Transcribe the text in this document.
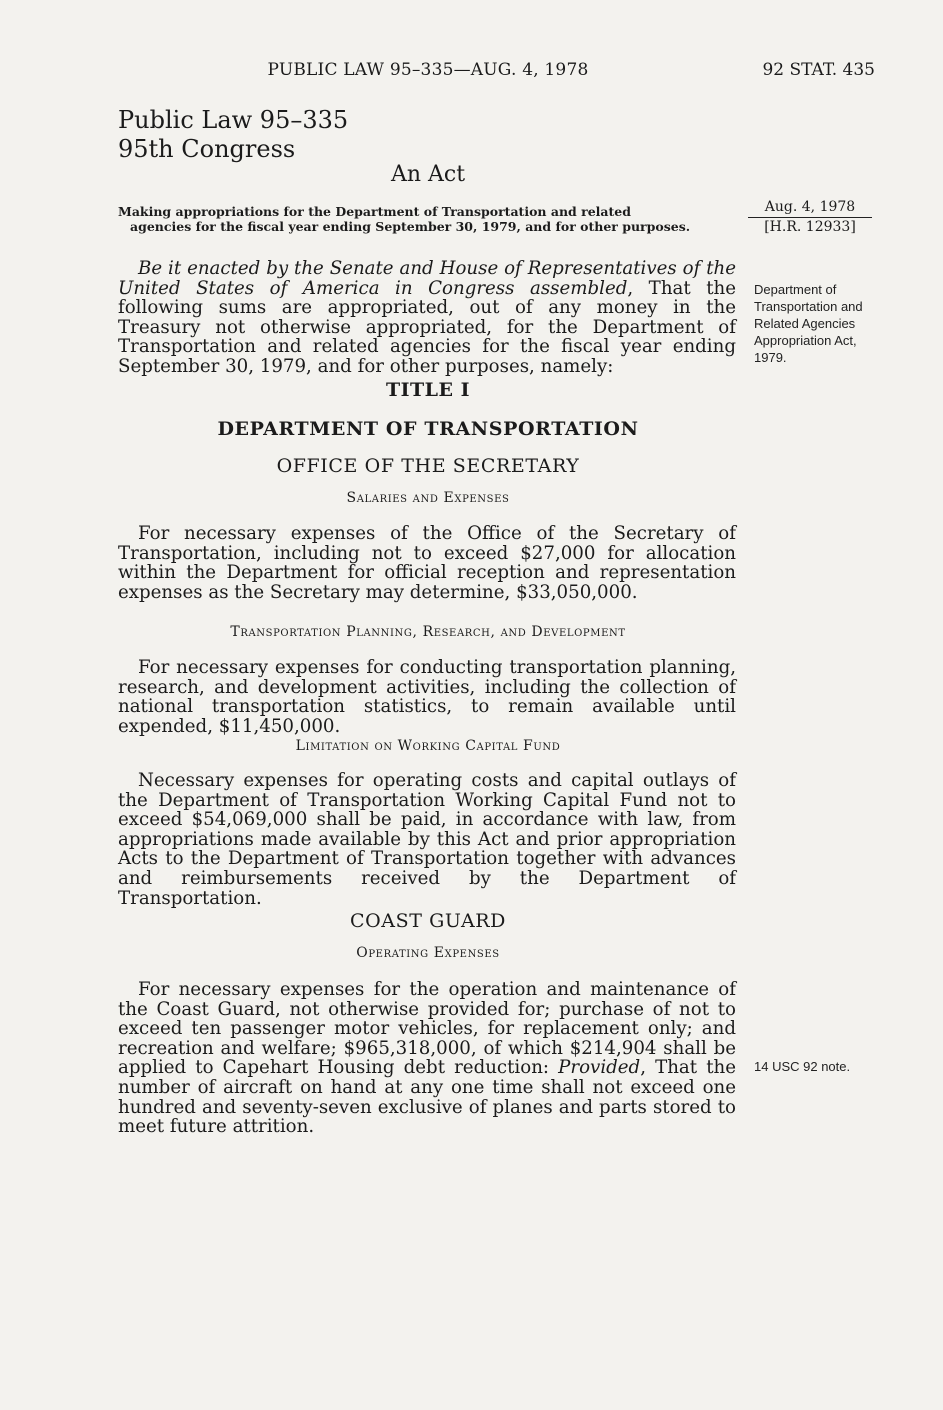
PUBLIC LAW 95–335—AUG. 4, 1978	92 STAT. 435
Public Law 95–335
95th Congress
An Act
Making appropriations for the Department of Transportation and related
agencies for the fiscal year ending September 30, 1979, and for other purposes.
Aug. 4, 1978
[H.R. 12933]
Department of Transportation and Related Agencies Appropriation Act, 1979.
14 USC 92 note.

Be it enacted by the Senate and House of Representatives of the United States of America in Congress assembled, That the following sums are appropriated, out of any money in the Treasury not otherwise appropriated, for the Department of Transportation and related agencies for the fiscal year ending September 30, 1979, and for other purposes, namely:

TITLE I
DEPARTMENT OF TRANSPORTATION
OFFICE OF THE SECRETARY
Salaries and Expenses

For necessary expenses of the Office of the Secretary of Transportation, including not to exceed $27,000 for allocation within the Department for official reception and representation expenses as the Secretary may determine, $33,050,000.

Transportation Planning, Research, and Development

For necessary expenses for conducting transportation planning, research, and development activities, including the collection of national transportation statistics, to remain available until expended, $11,450,000.

Limitation on Working Capital Fund

Necessary expenses for operating costs and capital outlays of the Department of Transportation Working Capital Fund not to exceed $54,069,000 shall be paid, in accordance with law, from appropriations made available by this Act and prior appropriation Acts to the Department of Transportation together with advances and reimbursements received by the Department of Transportation.

COAST GUARD
Operating Expenses

For necessary expenses for the operation and maintenance of the Coast Guard, not otherwise provided for; purchase of not to exceed ten passenger motor vehicles, for replacement only; and recreation and welfare; $965,318,000, of which $214,904 shall be applied to Capehart Housing debt reduction: Provided, That the number of aircraft on hand at any one time shall not exceed one hundred and seventy-seven exclusive of planes and parts stored to meet future attrition.
